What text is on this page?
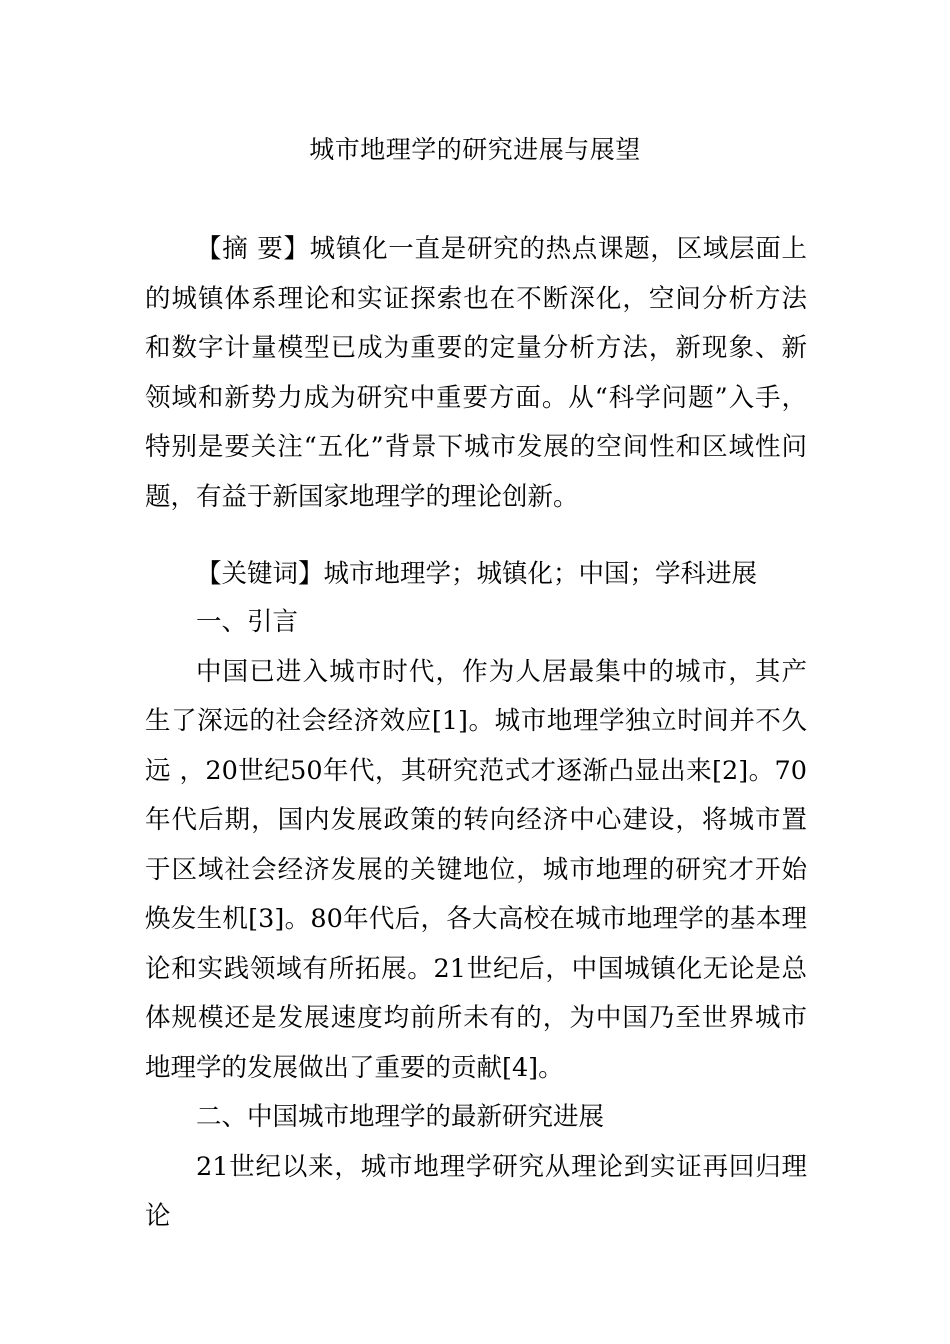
城市地理学的研究进展与展望

【摘 要】城镇化一直是研究的热点课题，区域层面上的城镇体系理论和实证探索也在不断深化，空间分析方法和数字计量模型已成为重要的定量分析方法，新现象、新领域和新势力成为研究中重要方面。从“科学问题”入手，特别是要关注“五化”背景下城市发展的空间性和区域性问题，有益于新国家地理学的理论创新。

【关键词】城市地理学；城镇化；中国；学科进展

一、引言

中国已进入城市时代，作为人居最集中的城市，其产生了深远的社会经济效应[1]。城市地理学独立时间并不久远 ，20世纪50年代，其研究范式才逐渐凸显出来[2]。70年代后期，国内发展政策的转向经济中心建设，将城市置于区域社会经济发展的关键地位，城市地理的研究才开始焕发生机[3]。80年代后，各大高校在城市地理学的基本理论和实践领域有所拓展。21世纪后，中国城镇化无论是总体规模还是发展速度均前所未有的，为中国乃至世界城市地理学的发展做出了重要的贡献[4]。

二、中国城市地理学的最新研究进展

21世纪以来，城市地理学研究从理论到实证再回归理论
